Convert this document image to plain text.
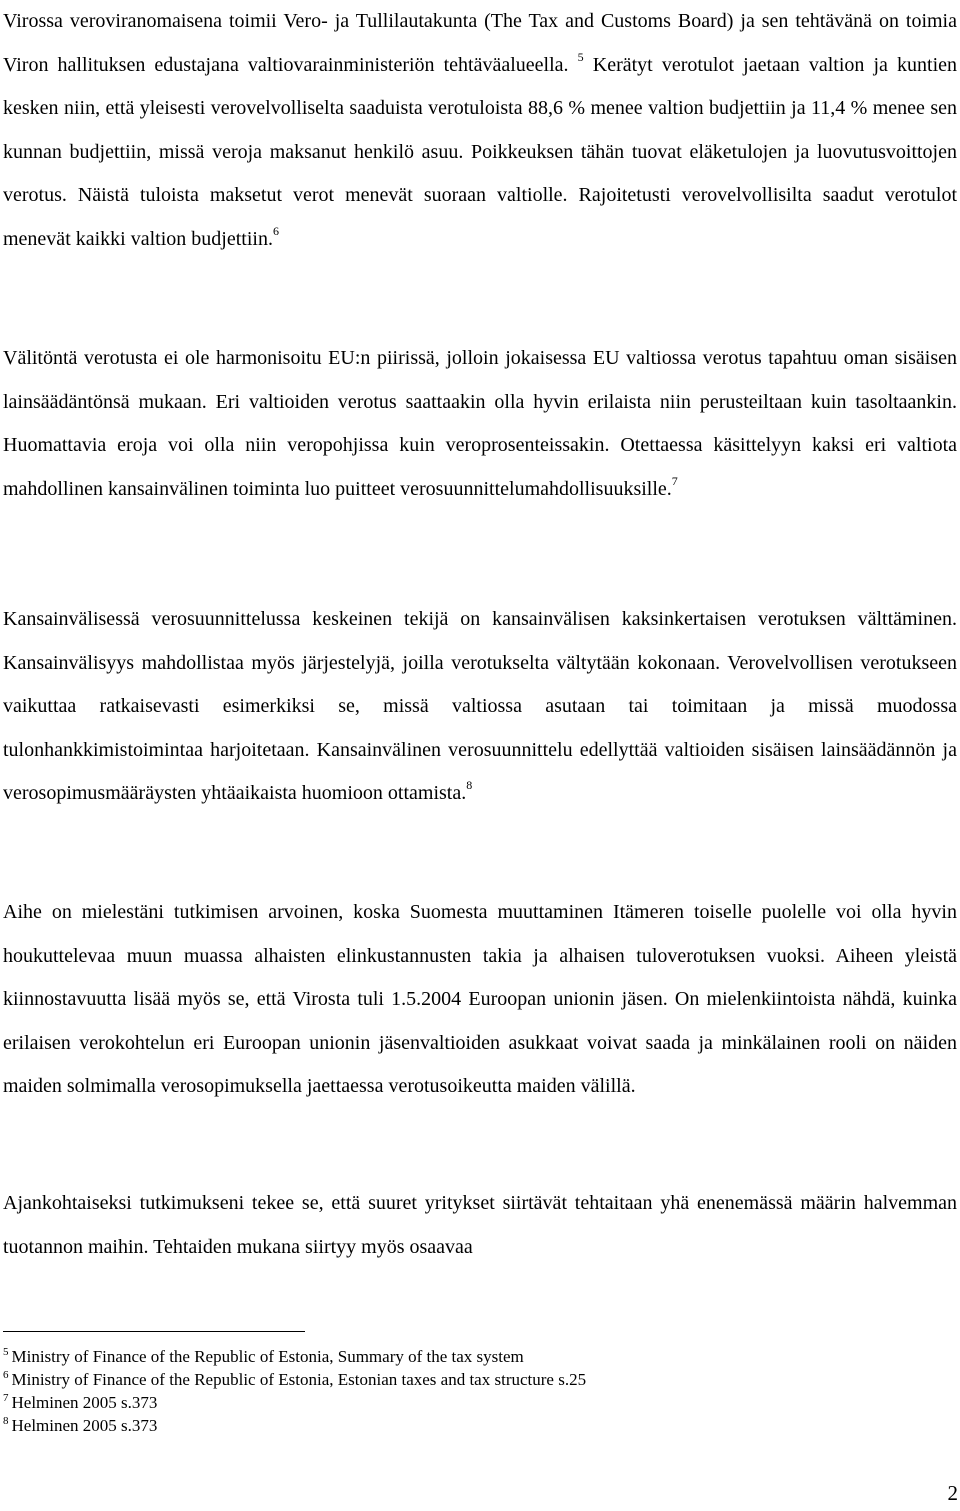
Virossa veroviranomaisena toimii Vero- ja Tullilautakunta (The Tax and Customs Board) ja sen tehtävänä on toimia Viron hallituksen edustajana valtiovarainministeriön tehtäväalueella. $^5$ Kerätyt verotulot jaetaan valtion ja kuntien kesken niin, että yleisesti verovelvolliselta saaduista verotuloista 88,6 % menee valtion budjettiin ja 11,4 % menee sen kunnan budjettiin, missä veroja maksanut henkilö asuu. Poikkeuksen tähän tuovat eläketulojen ja luovutusvoittojen verotus. Näistä tuloista maksetut verot menevät suoraan valtiolle. Rajoitetusti verovelvollisilta saadut verotulot menevät kaikki valtion budjettiin.$^6$

Välitöntä verotusta ei ole harmonisoitu EU:n piirissä, jolloin jokaisessa EU valtiossa verotus tapahtuu oman sisäisen lainsäädäntönsä mukaan. Eri valtioiden verotus saattaakin olla hyvin erilaista niin perusteiltaan kuin tasoltaankin. Huomattavia eroja voi olla niin veropohjissa kuin veroprosenteissakin. Otettaessa käsittelyyn kaksi eri valtiota mahdollinen kansainvälinen toiminta luo puitteet verosuunnittelumahdollisuuksille.$^7$

Kansainvälisessä verosuunnittelussa keskeinen tekijä on kansainvälisen kaksinkertaisen verotuksen välttäminen. Kansainvälisyys mahdollistaa myös järjestelyjä, joilla verotukselta vältytään kokonaan. Verovelvollisen verotukseen vaikuttaa ratkaisevasti esimerkiksi se, missä valtiossa asutaan tai toimitaan ja missä muodossa tulonhankkimistoimintaa harjoitetaan. Kansainvälinen verosuunnittelu edellyttää valtioiden sisäisen lainsäädännön ja verosopimusmääräysten yhtäaikaista huomioon ottamista.$^8$

Aihe on mielestäni tutkimisen arvoinen, koska Suomesta muuttaminen Itämeren toiselle puolelle voi olla hyvin houkuttelevaa muun muassa alhaisten elinkustannusten takia ja alhaisen tuloverotuksen vuoksi. Aiheen yleistä kiinnostavuutta lisää myös se, että Virosta tuli 1.5.2004 Euroopan unionin jäsen. On mielenkiintoista nähdä, kuinka erilaisen verokohtelun eri Euroopan unionin jäsenvaltioiden asukkaat voivat saada ja minkälainen rooli on näiden maiden solmimalla verosopimuksella jaettaessa verotusoikeutta maiden välillä.

Ajankohtaiseksi tutkimukseni tekee se, että suuret yritykset siirtävät tehtaitaan yhä enenemässä määrin halvemman tuotannon maihin. Tehtaiden mukana siirtyy myös osaavaa

$^5$ Ministry of Finance of the Republic of Estonia, Summary of the tax system
$^6$ Ministry of Finance of the Republic of Estonia, Estonian taxes and tax structure s.25
$^7$ Helminen 2005 s.373
$^8$ Helminen 2005 s.373
2
